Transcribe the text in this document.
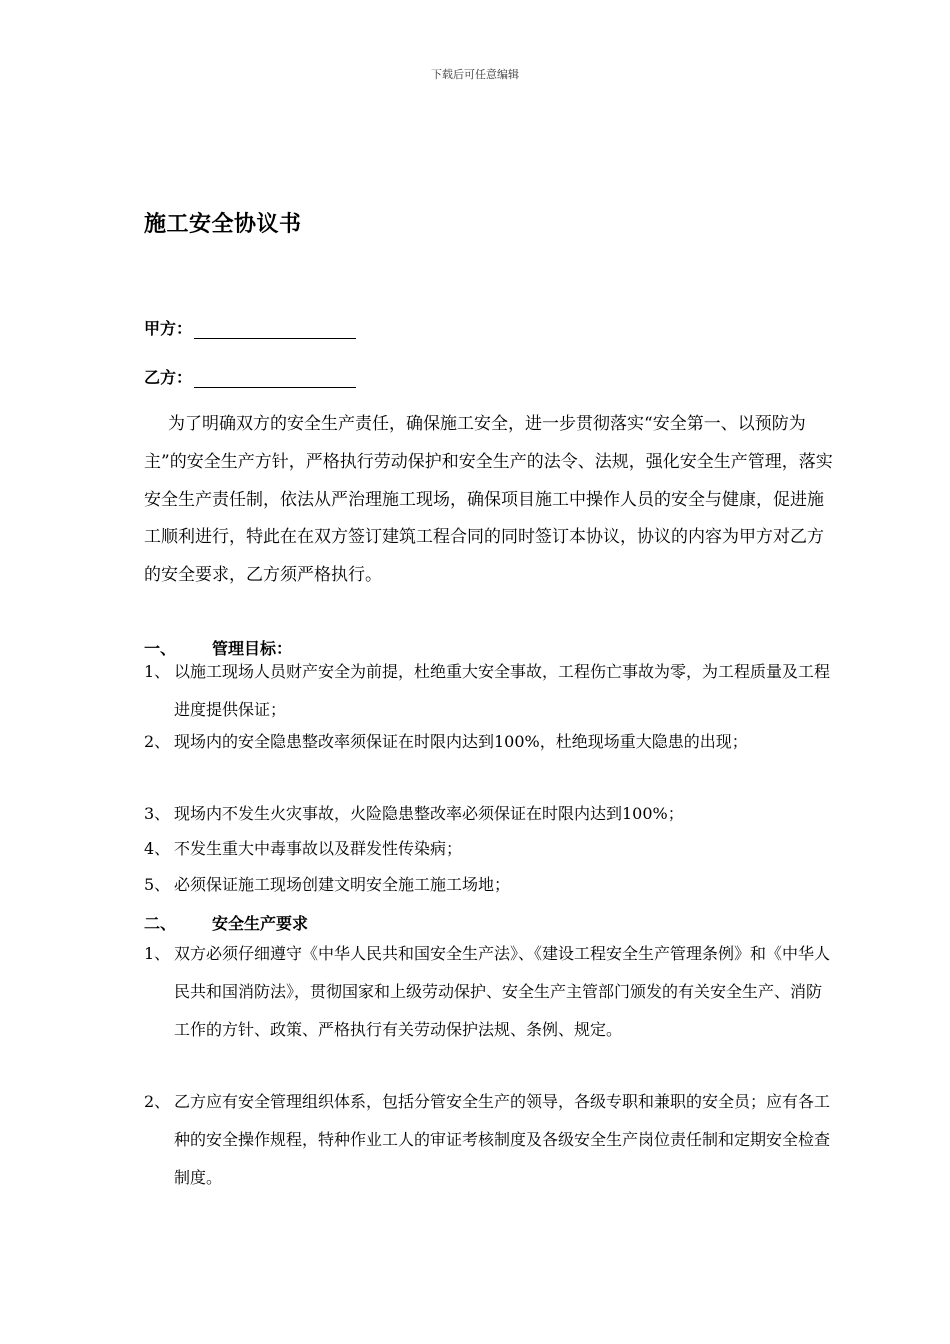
下载后可任意编辑
施工安全协议书
甲方：
乙方：
为了明确双方的安全生产责任，确保施工安全，进一步贯彻落实“安全第一、以预防为主”的安全生产方针，严格执行劳动保护和安全生产的法令、法规，强化安全生产管理，落实安全生产责任制，依法从严治理施工现场，确保项目施工中操作人员的安全与健康，促进施工顺利进行，特此在在双方签订建筑工程合同的同时签订本协议，协议的内容为甲方对乙方的安全要求，乙方须严格执行。
一、 管理目标：
1、 以施工现场人员财产安全为前提，杜绝重大安全事故，工程伤亡事故为零，为工程质量及工程进度提供保证；
2、 现场内的安全隐患整改率须保证在时限内达到100%，杜绝现场重大隐患的出现；
3、 现场内不发生火灾事故，火险隐患整改率必须保证在时限内达到100%；
4、 不发生重大中毒事故以及群发性传染病；
5、 必须保证施工现场创建文明安全施工施工场地；
二、 安全生产要求
1、 双方必须仔细遵守《中华人民共和国安全生产法》、《建设工程安全生产管理条例》和《中华人民共和国消防法》，贯彻国家和上级劳动保护、安全生产主管部门颁发的有关安全生产、消防工作的方针、政策、严格执行有关劳动保护法规、条例、规定。
2、 乙方应有安全管理组织体系，包括分管安全生产的领导，各级专职和兼职的安全员；应有各工种的安全操作规程，特种作业工人的审证考核制度及各级安全生产岗位责任制和定期安全检查制度。
